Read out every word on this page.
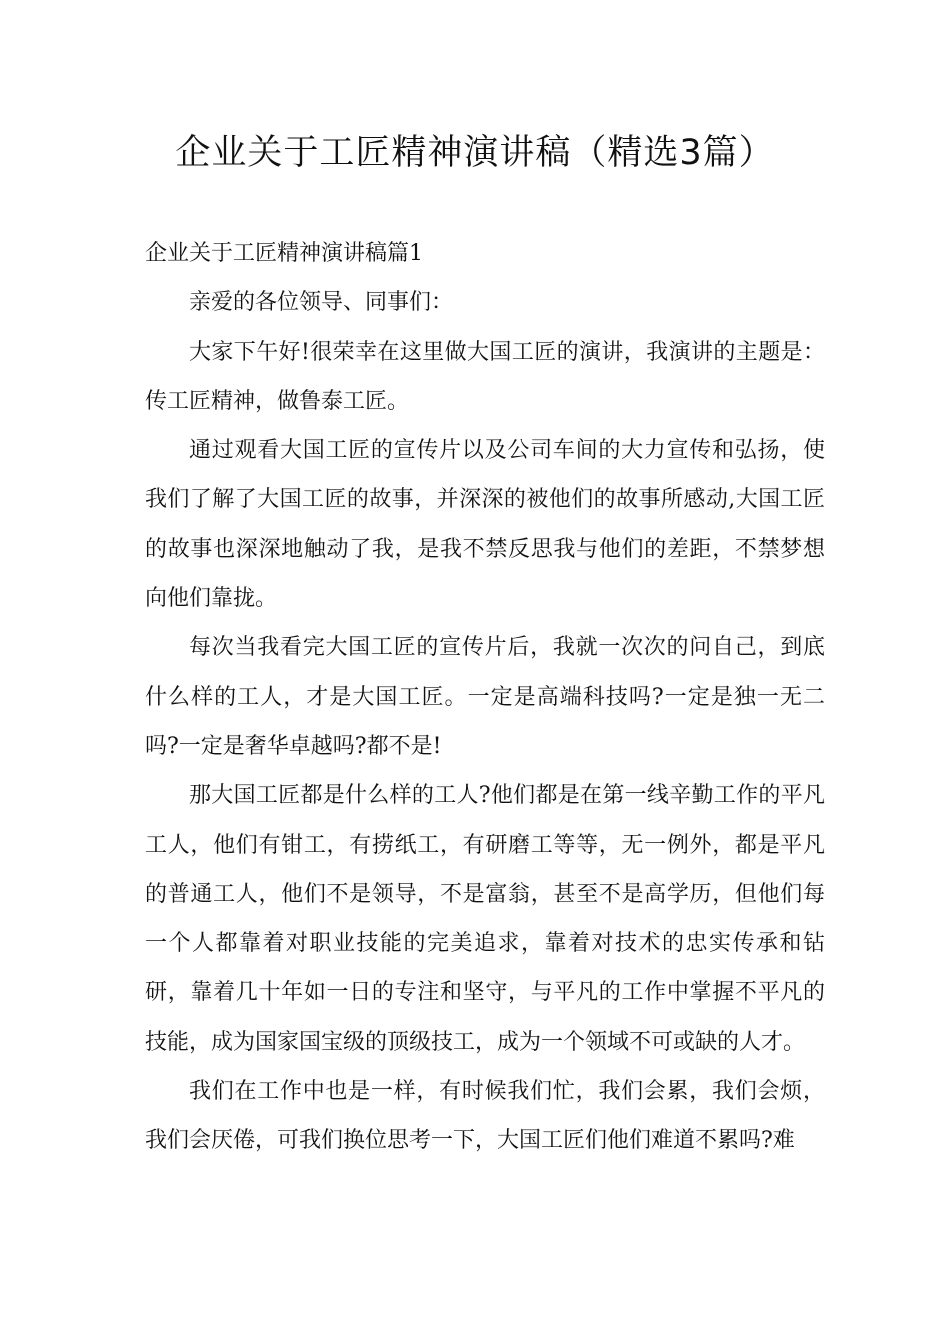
企业关于工匠精神演讲稿（精选3篇）
企业关于工匠精神演讲稿篇1

亲爱的各位领导、同事们：

大家下午好!很荣幸在这里做大国工匠的演讲，我演讲的主题是：传工匠精神，做鲁泰工匠。

通过观看大国工匠的宣传片以及公司车间的大力宣传和弘扬，使我们了解了大国工匠的故事，并深深的被他们的故事所感动,大国工匠的故事也深深地触动了我，是我不禁反思我与他们的差距，不禁梦想向他们靠拢。

每次当我看完大国工匠的宣传片后，我就一次次的问自己，到底什么样的工人，才是大国工匠。一定是高端科技吗?一定是独一无二吗?一定是奢华卓越吗?都不是!

那大国工匠都是什么样的工人?他们都是在第一线辛勤工作的平凡工人，他们有钳工，有捞纸工，有研磨工等等，无一例外，都是平凡的普通工人，他们不是领导，不是富翁，甚至不是高学历，但他们每一个人都靠着对职业技能的完美追求，靠着对技术的忠实传承和钻研，靠着几十年如一日的专注和坚守，与平凡的工作中掌握不平凡的技能，成为国家国宝级的顶级技工，成为一个领域不可或缺的人才。

我们在工作中也是一样，有时候我们忙，我们会累，我们会烦，我们会厌倦，可我们换位思考一下，大国工匠们他们难道不累吗?难
